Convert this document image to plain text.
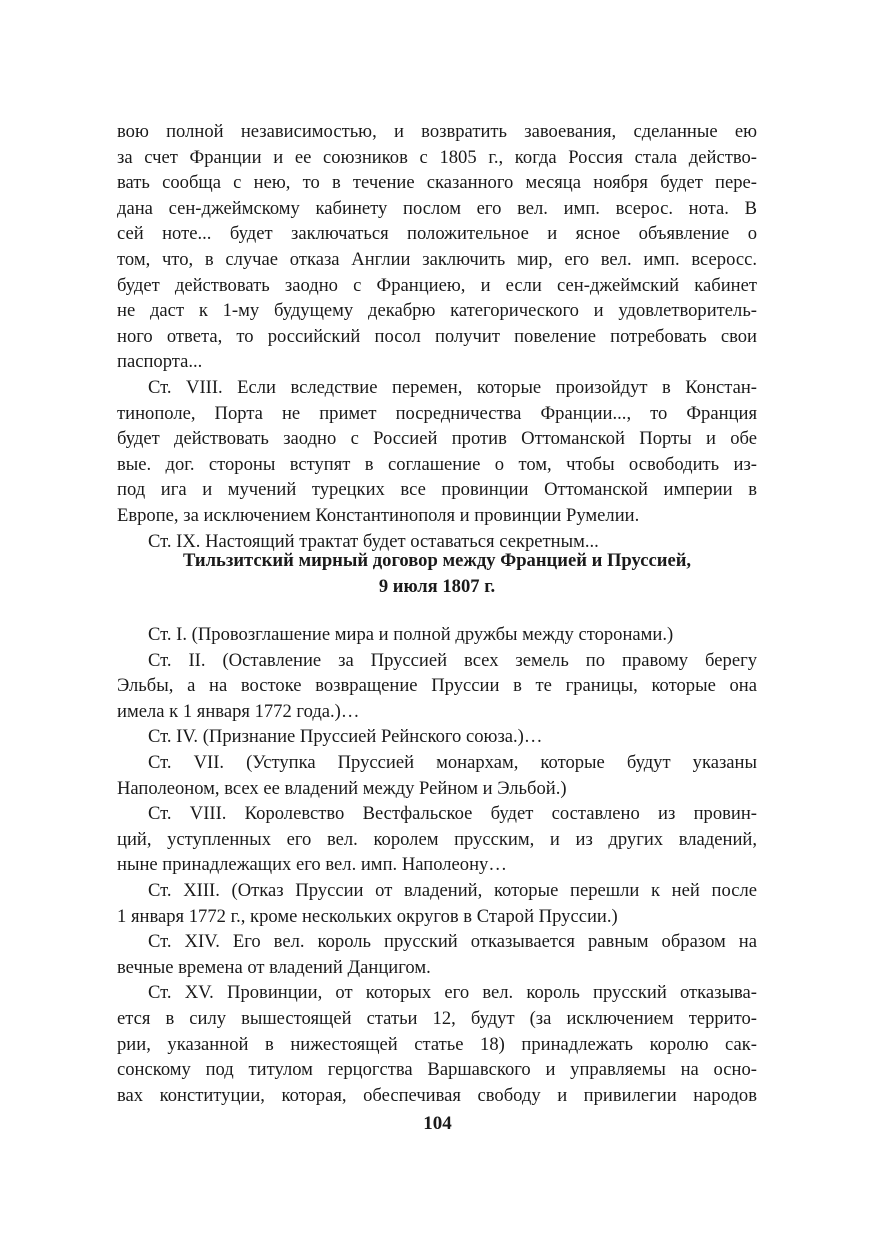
вою полной независимостью, и возвратить завоевания, сделанные ею

за счет Франции и ее союзников с 1805 г., когда Россия стала действо-

вать сообща с нею, то в течение сказанного месяца ноября будет пере-

дана сен-джеймскому кабинету послом его вел. имп. всерос. нота. В

сей ноте... будет заключаться положительное и ясное объявление о

том, что, в случае отказа Англии заключить мир, его вел. имп. всеросс.

будет действовать заодно с Франциею, и если сен-джеймский кабинет

не даст к 1-му будущему декабрю категорического и удовлетворитель-

ного ответа, то российский посол получит повеление потребовать свои

паспорта...

Ст. VIII. Если вследствие перемен, которые произойдут в Констан-

тинополе, Порта не примет посредничества Франции..., то Франция

будет действовать заодно с Россией против Оттоманской Порты и обе

вые. дог. стороны вступят в соглашение о том, чтобы освободить из-

под ига и мучений турецких все провинции Оттоманской империи в

Европе, за исключением Константинополя и провинции Румелии.

Ст. IX. Настоящий трактат будет оставаться секретным...

Тильзитский мирный договор между Францией и Пруссией,
9 июля 1807 г.

Ст. I. (Провозглашение мира и полной дружбы между сторонами.)

Ст. II. (Оставление за Пруссией всех земель по правому берегу

Эльбы, а на востоке возвращение Пруссии в те границы, которые она

имела к 1 января 1772 года.)…

Ст. IV. (Признание Пруссией Рейнского союза.)…

Ст. VII. (Уступка Пруссией монархам, которые будут указаны

Наполеоном, всех ее владений между Рейном и Эльбой.)

Ст. VIII. Королевство Вестфальское будет составлено из провин-

ций, уступленных его вел. королем прусским, и из других владений,

ныне принадлежащих его вел. имп. Наполеону…

Ст. XIII. (Отказ Пруссии от владений, которые перешли к ней после

1 января 1772 г., кроме нескольких округов в Старой Пруссии.)

Ст. XIV. Его вел. король прусский отказывается равным образом на

вечные времена от владений Данцигом.

Ст. XV. Провинции, от которых его вел. король прусский отказыва-

ется в силу вышестоящей статьи 12, будут (за исключением террито-

рии, указанной в нижестоящей статье 18) принадлежать королю сак-

сонскому под титулом герцогства Варшавского и управляемы на осно-

вах конституции, которая, обеспечивая свободу и привилегии народов

104
